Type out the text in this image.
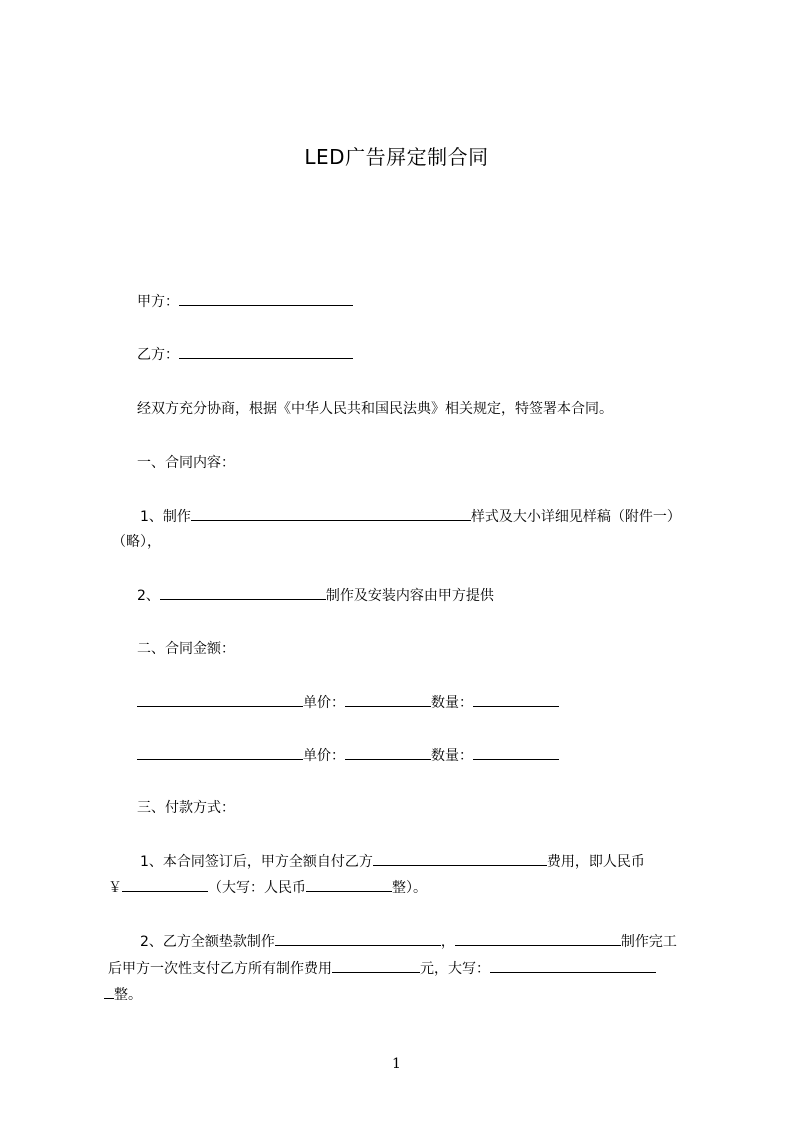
LED广告屏定制合同
甲方：
乙方：
经双方充分协商，根据《中华人民共和国民法典》相关规定，特签署本合同。
一、合同内容：
1、制作	样式及大小详细见样稿（附件一）
（略），
2、	制作及安装内容由甲方提供
二、合同金额：
单价：	数量：
单价：	数量：
三、付款方式：
1、本合同签订后，甲方全额自付乙方	费用，即人民币
￥	（大写：人民币	整）。
2、乙方全额垫款制作	，	制作完工
后甲方一次性支付乙方所有制作费用	元，大写：
整。
1
